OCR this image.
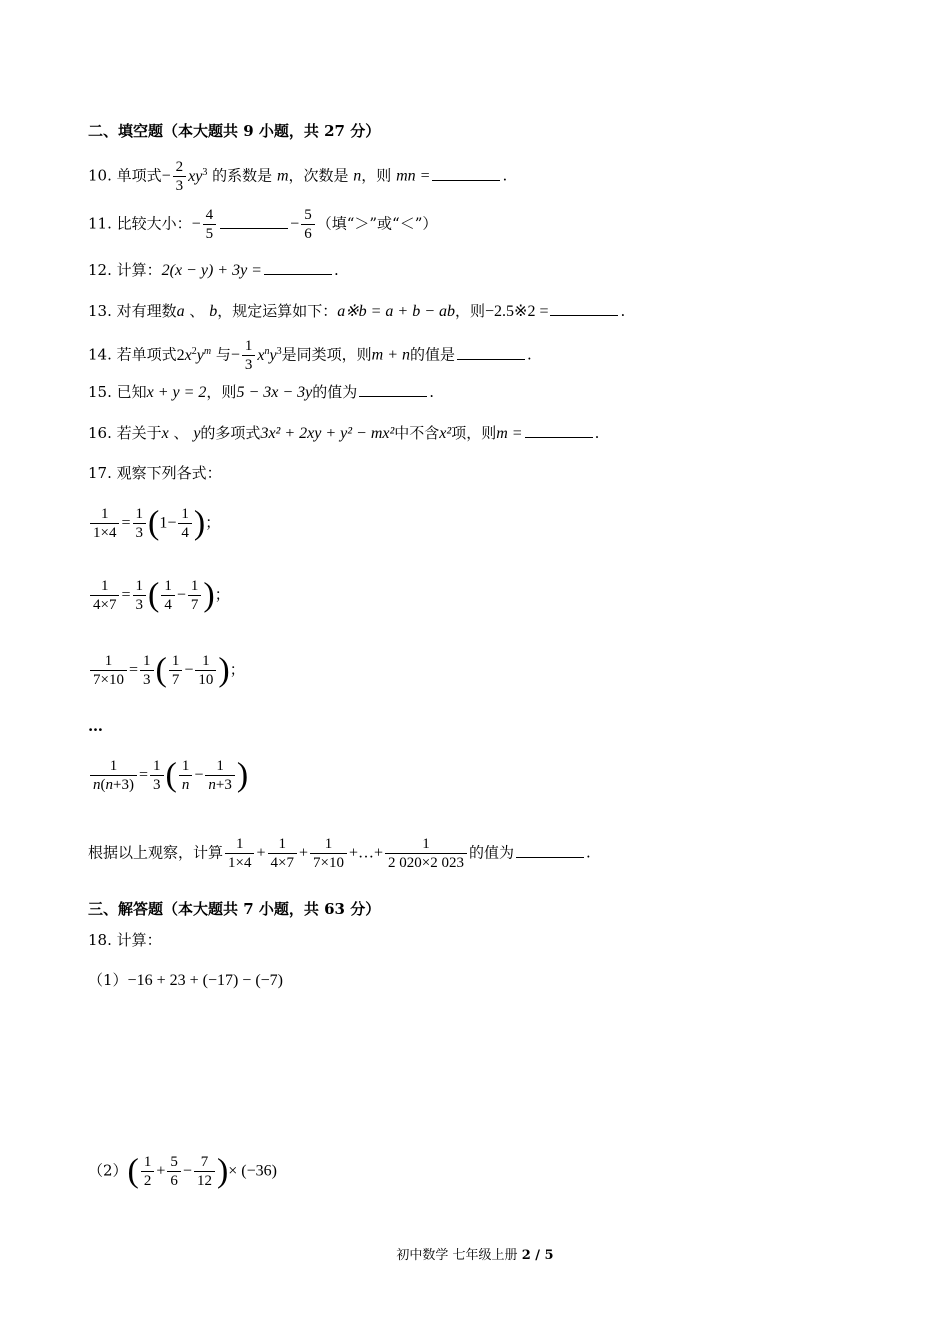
二、填空题（本大题共 9 小题，共 27 分）
10. 单项式− $\frac{2}{3} xy^3$ 的系数是 m，次数是 n，则 mn =	.
11. 比较大小：− $\frac{4}{5}$	− $\frac{5}{6}$ （填“＞”或“＜”）
12. 计算：2(x − y) + 3y =	.
13. 对有理数a 、 b，规定运算如下：a※b = a + b − ab，则−2.5※2 =	.
14. 若单项式$2x^2y^m$ 与− $\frac{1}{3} x^ny^3$是同类项，则m + n的值是	.
15. 已知x + y = 2，则5 − 3x − 3y的值为	.
16. 若关于x 、 y的多项式3x² + 2xy + y² − mx²中不含x²项，则m =	.
17. 观察下列各式：
$\frac{1}{1\times 4} = \frac{1}{3} (1- \frac{1}{4}$ )；
$\frac{1}{4\times 7} = \frac{1}{3}$ ( $\frac{1}{4} - \frac{1}{7}$ )；
$\frac{1}{7\times 10} = \frac{1}{3}$ ( $\frac{1}{7} - \frac{1}{10}$ )；
…
$\frac{1}{n(n+3)} = \frac{1}{3}$ ( $\frac{1}{n} - \frac{1}{n+3}$ )
根据以上观察，计算 $\frac{1}{1\times 4} + \frac{1}{4\times 7} + \frac{1}{7\times 10}$ +…+ $\frac{1}{2 020\times 2 023}$ 的值为	.
三、解答题（本大题共 7 小题，共 63 分）
18. 计算：
（1）−16 + 23 + (−17) − (−7)
$(2)( \frac{1}{2} + \frac{5}{6} - \frac{7}{12}$ )× (−36)
初中数学 七年级上册 2 / 5
